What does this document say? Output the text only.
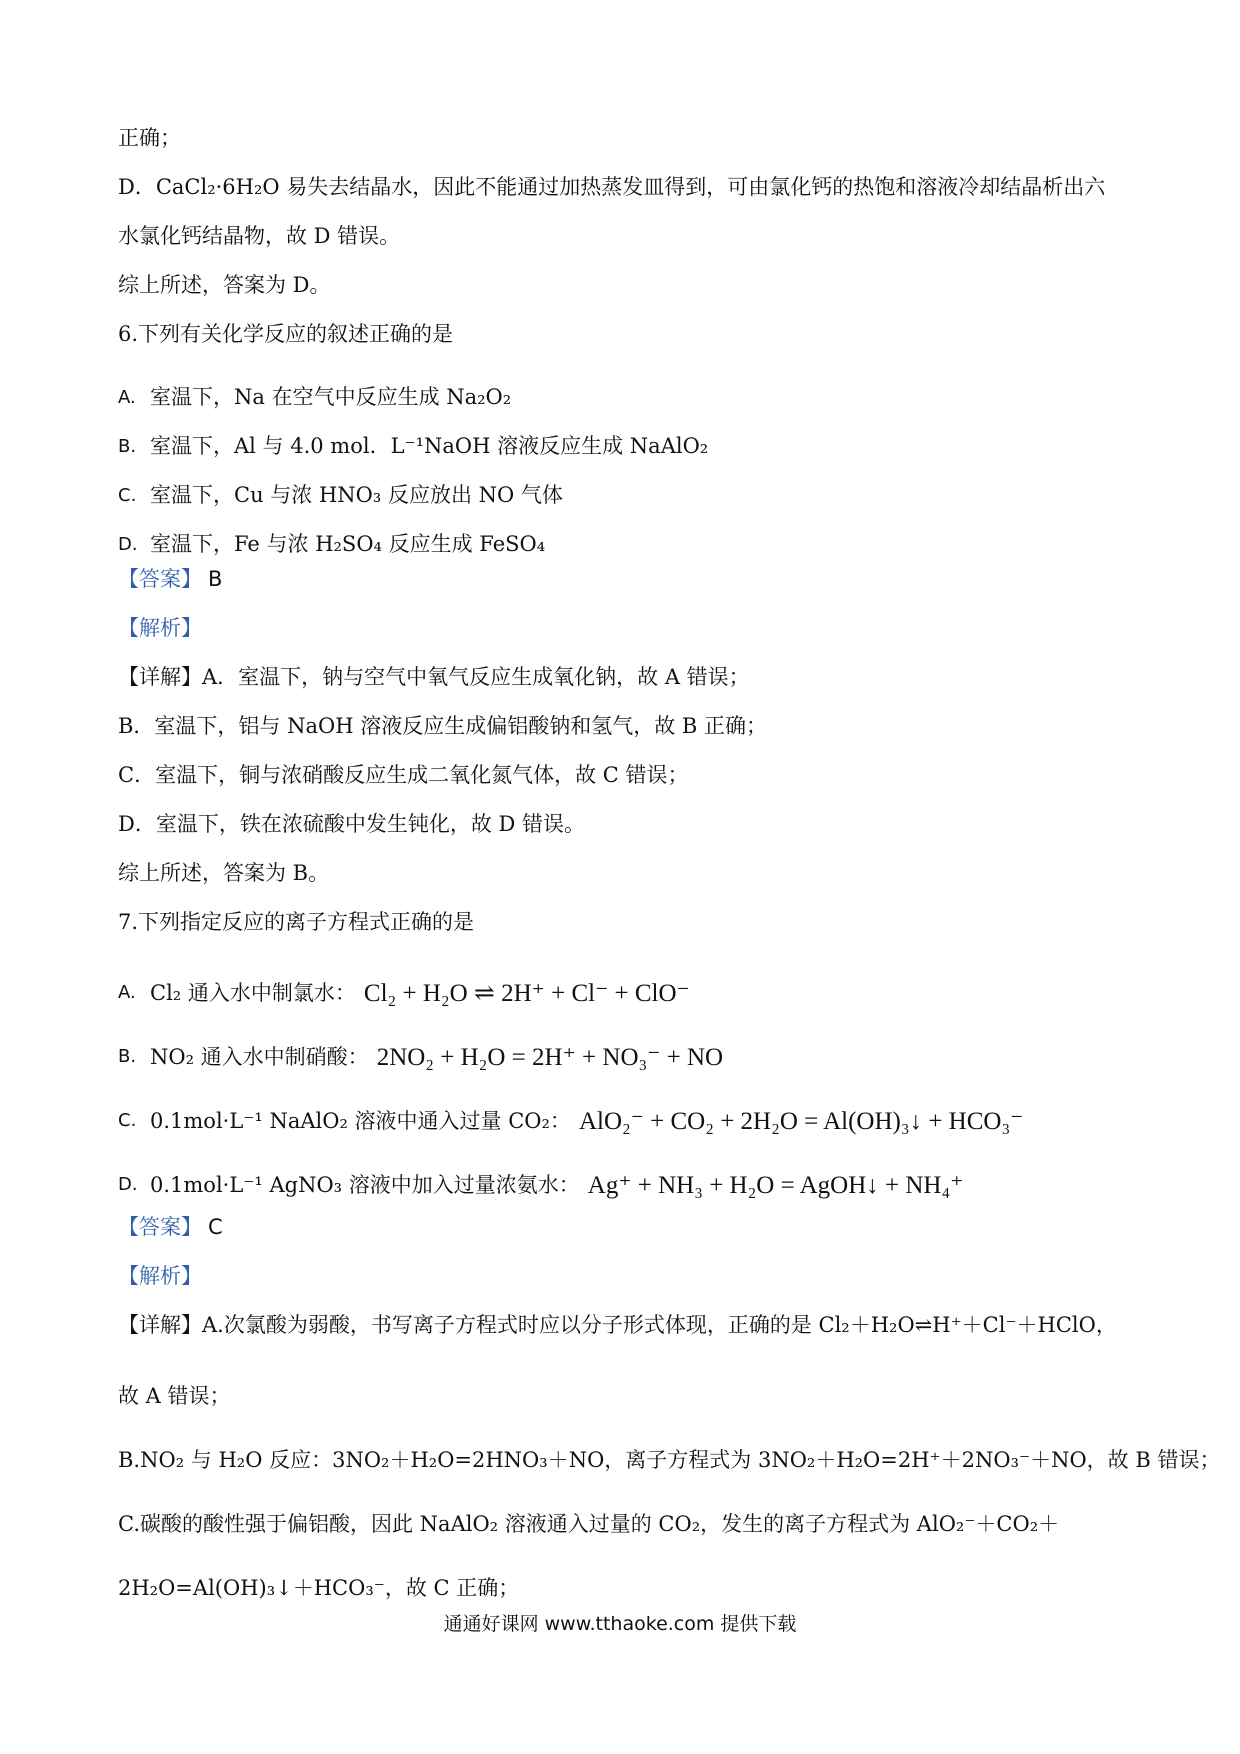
正确；
D．CaCl₂·6H₂O 易失去结晶水，因此不能通过加热蒸发皿得到，可由氯化钙的热饱和溶液冷却结晶析出六
水氯化钙结晶物，故 D 错误。
综上所述，答案为 D。
6.下列有关化学反应的叙述正确的是
A. 室温下，Na 在空气中反应生成 Na₂O₂
B. 室温下，Al 与 4.0 mol．L⁻¹NaOH 溶液反应生成 NaAlO₂
C. 室温下，Cu 与浓 HNO₃ 反应放出 NO 气体
D. 室温下，Fe 与浓 H₂SO₄ 反应生成 FeSO₄
【答案】 B
【解析】
【详解】A．室温下，钠与空气中氧气反应生成氧化钠，故 A 错误；
B．室温下，铝与 NaOH 溶液反应生成偏铝酸钠和氢气，故 B 正确；
C．室温下，铜与浓硝酸反应生成二氧化氮气体，故 C 错误；
D．室温下，铁在浓硫酸中发生钝化，故 D 错误。
综上所述，答案为 B。
7.下列指定反应的离子方程式正确的是
A. Cl₂ 通入水中制氯水： Cl₂ + H₂O ⇌ 2H⁺ + Cl⁻ + ClO⁻
B. NO₂ 通入水中制硝酸： 2NO₂ + H₂O = 2H⁺ + NO₃⁻ + NO
C. 0.1mol·L⁻¹ NaAlO₂ 溶液中通入过量 CO₂： AlO₂⁻ + CO₂ + 2H₂O = Al(OH)₃↓ + HCO₃⁻
D. 0.1mol·L⁻¹ AgNO₃ 溶液中加入过量浓氨水： Ag⁺ + NH₃ + H₂O = AgOH↓ + NH₄⁺
【答案】 C
【解析】
【详解】A.次氯酸为弱酸，书写离子方程式时应以分子形式体现，正确的是 Cl₂＋H₂O⇌H⁺＋Cl⁻＋HClO，
故 A 错误；
B.NO₂ 与 H₂O 反应：3NO₂＋H₂O=2HNO₃＋NO，离子方程式为 3NO₂＋H₂O=2H⁺＋2NO₃⁻＋NO，故 B 错误；
C.碳酸的酸性强于偏铝酸，因此 NaAlO₂ 溶液通入过量的 CO₂，发生的离子方程式为 AlO₂⁻＋CO₂＋
2H₂O=Al(OH)₃↓＋HCO₃⁻，故 C 正确；
通通好课网 www.tthaoke.com 提供下载
